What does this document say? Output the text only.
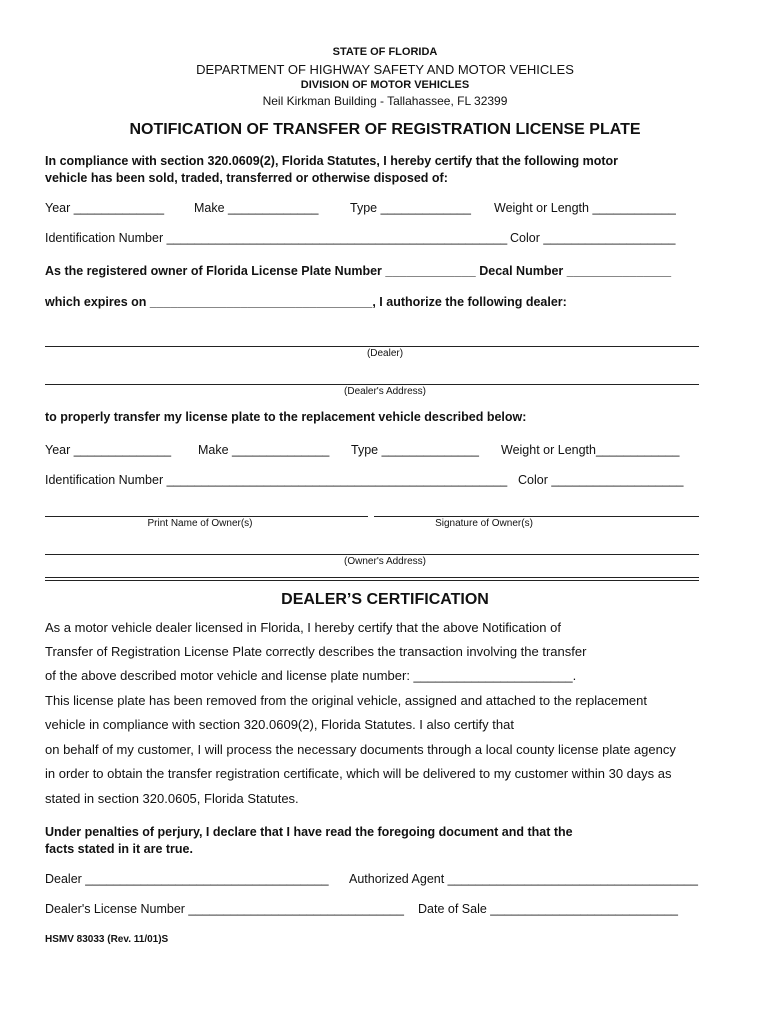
STATE OF FLORIDA
DEPARTMENT OF HIGHWAY SAFETY AND MOTOR VEHICLES
DIVISION OF MOTOR VEHICLES
Neil Kirkman Building - Tallahassee, FL 32399
NOTIFICATION OF TRANSFER OF REGISTRATION LICENSE PLATE
In compliance with section 320.0609(2), Florida Statutes, I hereby certify that the following motor
vehicle has been sold, traded, transferred or otherwise disposed of:
Year _____________ Make _____________	Type _____________ Weight or Length ____________
Identification Number _________________________________________________ Color ___________________
As the registered owner of Florida License Plate Number _____________ Decal Number _______________
which expires on ________________________________, I authorize the following dealer:
(Dealer)
(Dealer's Address)
to properly transfer my license plate to the replacement vehicle described below:
Year ______________ Make ______________ Type ______________ Weight or Length____________
Identification Number _________________________________________________ Color ___________________
Print Name of Owner(s)	Signature of Owner(s)
(Owner's Address)
DEALER’S CERTIFICATION
As a motor vehicle dealer licensed in Florida, I hereby certify that the above Notification of
Transfer of Registration License Plate correctly describes the transaction involving the transfer
of the above described motor vehicle and license plate number: ______________________.
This license plate has been removed from the original vehicle, assigned and attached to the replacement
vehicle in compliance with section 320.0609(2), Florida Statutes. I also certify that
on behalf of my customer, I will process the necessary documents through a local county license plate agency
in order to obtain the transfer registration certificate, which will be delivered to my customer within 30 days as
stated in section 320.0605, Florida Statutes.
Under penalties of perjury, I declare that I have read the foregoing document and that the
facts stated in it are true.
Dealer ___________________________________ Authorized Agent ____________________________________
Dealer's License Number _______________________________ Date of Sale ___________________________
HSMV 83033 (Rev. 11/01)S
